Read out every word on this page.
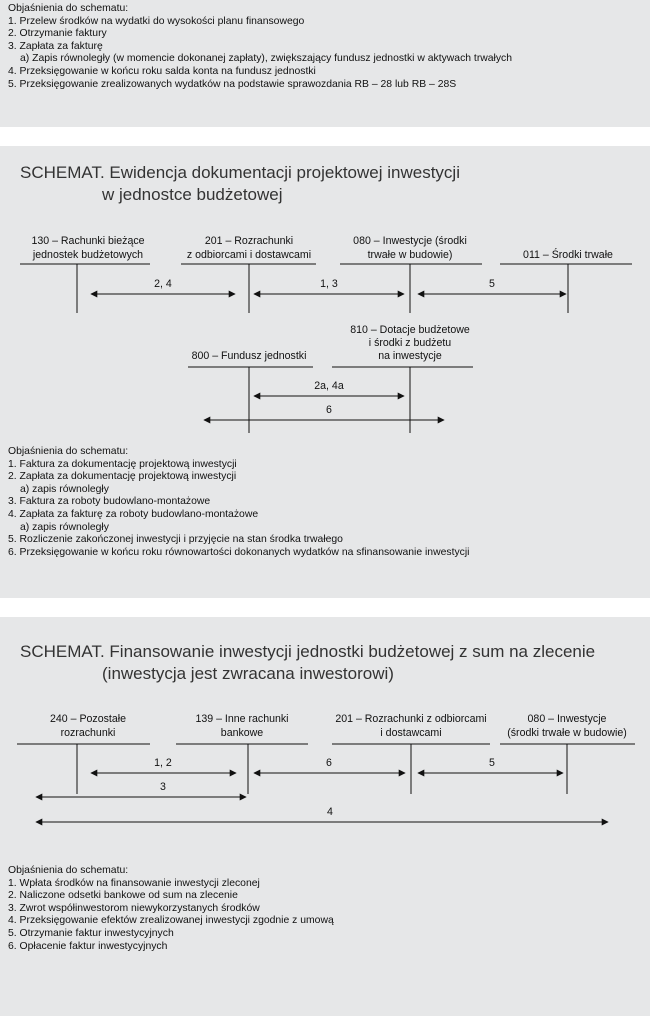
Objaśnienia do schematu:
1. Przelew środków na wydatki do wysokości planu finansowego
2. Otrzymanie faktury
3. Zapłata za fakturę
a) Zapis równoległy (w momencie dokonanej zapłaty), zwiększający fundusz jednostki w aktywach trwałych
4. Przeksięgowanie w końcu roku salda konta na fundusz jednostki
5. Przeksięgowanie zrealizowanych wydatków na podstawie sprawozdania RB – 28 lub RB – 28S
SCHEMAT. Ewidencja dokumentacji projektowej inwestycji
w jednostce budżetowej
130 – Rachunki bieżące
jednostek budżetowych
201 – Rozrachunki
z odbiorcami i dostawcami
080 – Inwestycje (środki
trwałe w budowie)	011 – Środki trwałe
2, 4	1, 3	5
810 – Dotacje budżetowe
i środki z budżetu
na inwestycje
800 – Fundusz jednostki
2a, 4a
6
Objaśnienia do schematu:
1. Faktura za dokumentację projektową inwestycji
2. Zapłata za dokumentację projektową inwestycji
a) zapis równoległy
3. Faktura za roboty budowlano-montażowe
4. Zapłata za fakturę za roboty budowlano-montażowe
a) zapis równoległy
5. Rozliczenie zakończonej inwestycji i przyjęcie na stan środka trwałego
6. Przeksięgowanie w końcu roku równowartości dokonanych wydatków na sfinansowanie inwestycji
SCHEMAT. Finansowanie inwestycji jednostki budżetowej z sum na zlecenie
(inwestycja jest zwracana inwestorowi)
240 – Pozostałe
rozrachunki
139 – Inne rachunki
bankowe
201 – Rozrachunki z odbiorcami
i dostawcami
080 – Inwestycje
(środki trwałe w budowie)
1, 2	6	5
3
4
Objaśnienia do schematu:
1. Wpłata środków na finansowanie inwestycji zleconej
2. Naliczone odsetki bankowe od sum na zlecenie
3. Zwrot współinwestorom niewykorzystanych środków
4. Przeksięgowanie efektów zrealizowanej inwestycji zgodnie z umową
5. Otrzymanie faktur inwestycyjnych
6. Opłacenie faktur inwestycyjnych
